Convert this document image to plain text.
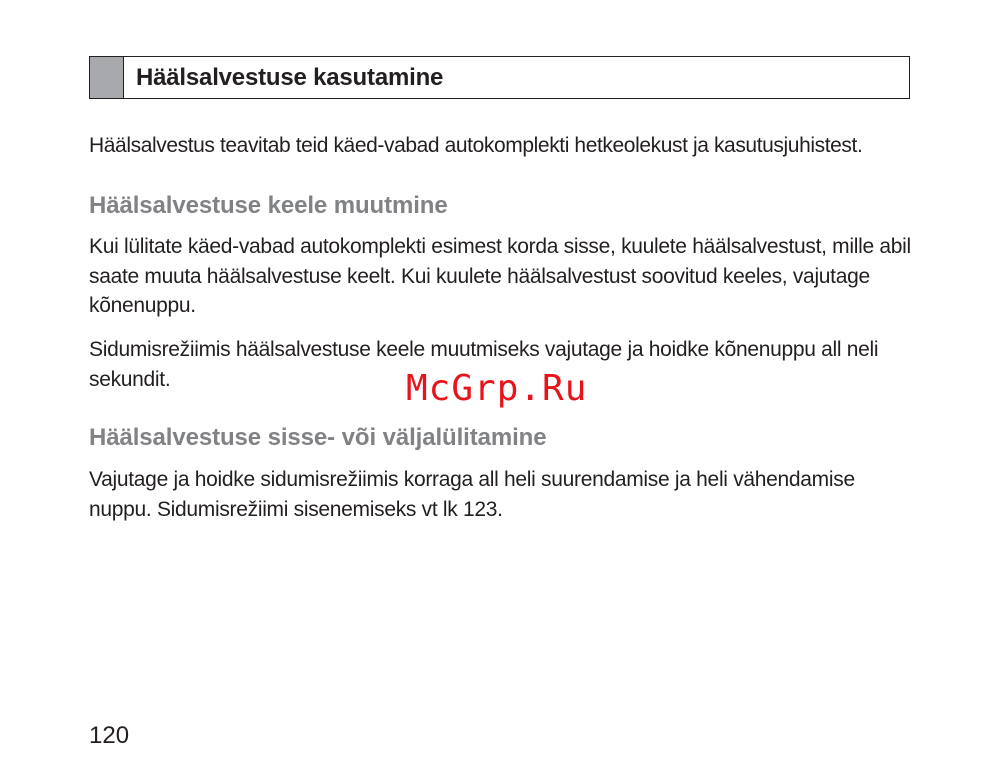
Häälsalvestuse kasutamine
Häälsalvestus teavitab teid käed-vabad autokomplekti hetkeolekust ja kasutusjuhistest.
Häälsalvestuse keele muutmine
Kui lülitate käed-vabad autokomplekti esimest korda sisse, kuulete häälsalvestust, mille abil saate muuta häälsalvestuse keelt. Kui kuulete häälsalvestust soovitud keeles, vajutage kõnenuppu.
Sidumisrežiimis häälsalvestuse keele muutmiseks vajutage ja hoidke kõnenuppu all neli sekundit.
Häälsalvestuse sisse- või väljalülitamine
Vajutage ja hoidke sidumisrežiimis korraga all heli suurendamise ja heli vähendamise nuppu. Sidumisrežiimi sisenemiseks vt lk 123.
McGrp.Ru
120
